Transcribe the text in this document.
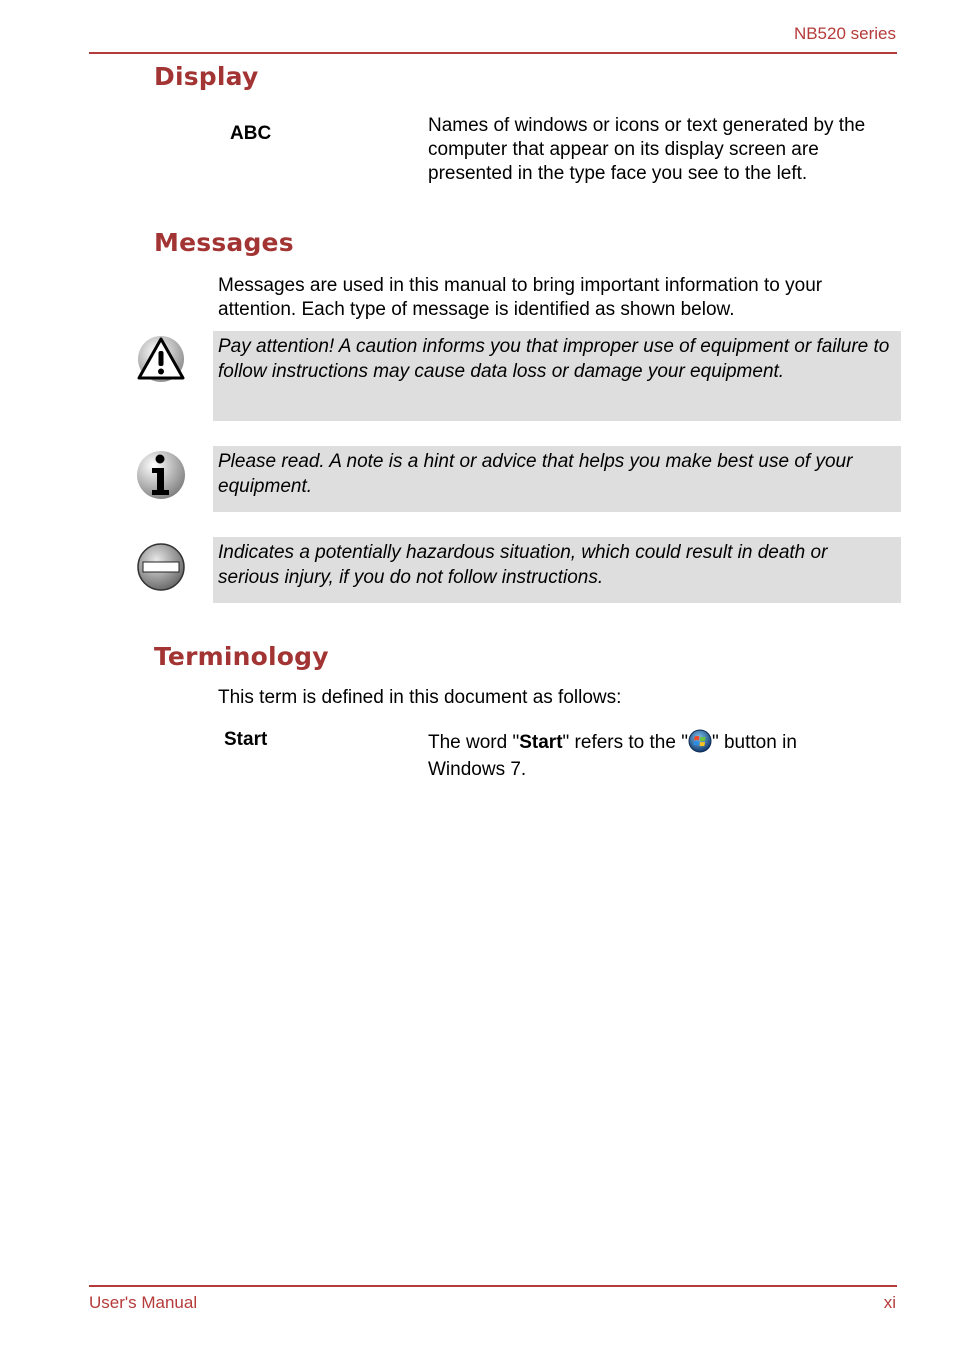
NB520 series
Display
ABC	Names of windows or icons or text generated by the computer that appear on its display screen are presented in the type face you see to the left.
Messages
Messages are used in this manual to bring important information to your attention. Each type of message is identified as shown below.
Pay attention! A caution informs you that improper use of equipment or failure to follow instructions may cause data loss or damage your equipment.
Please read. A note is a hint or advice that helps you make best use of your equipment.
Indicates a potentially hazardous situation, which could result in death or serious injury, if you do not follow instructions.
Terminology
This term is defined in this document as follows:
Start	The word "Start" refers to the " " button in Windows 7.
User's Manual	xi
